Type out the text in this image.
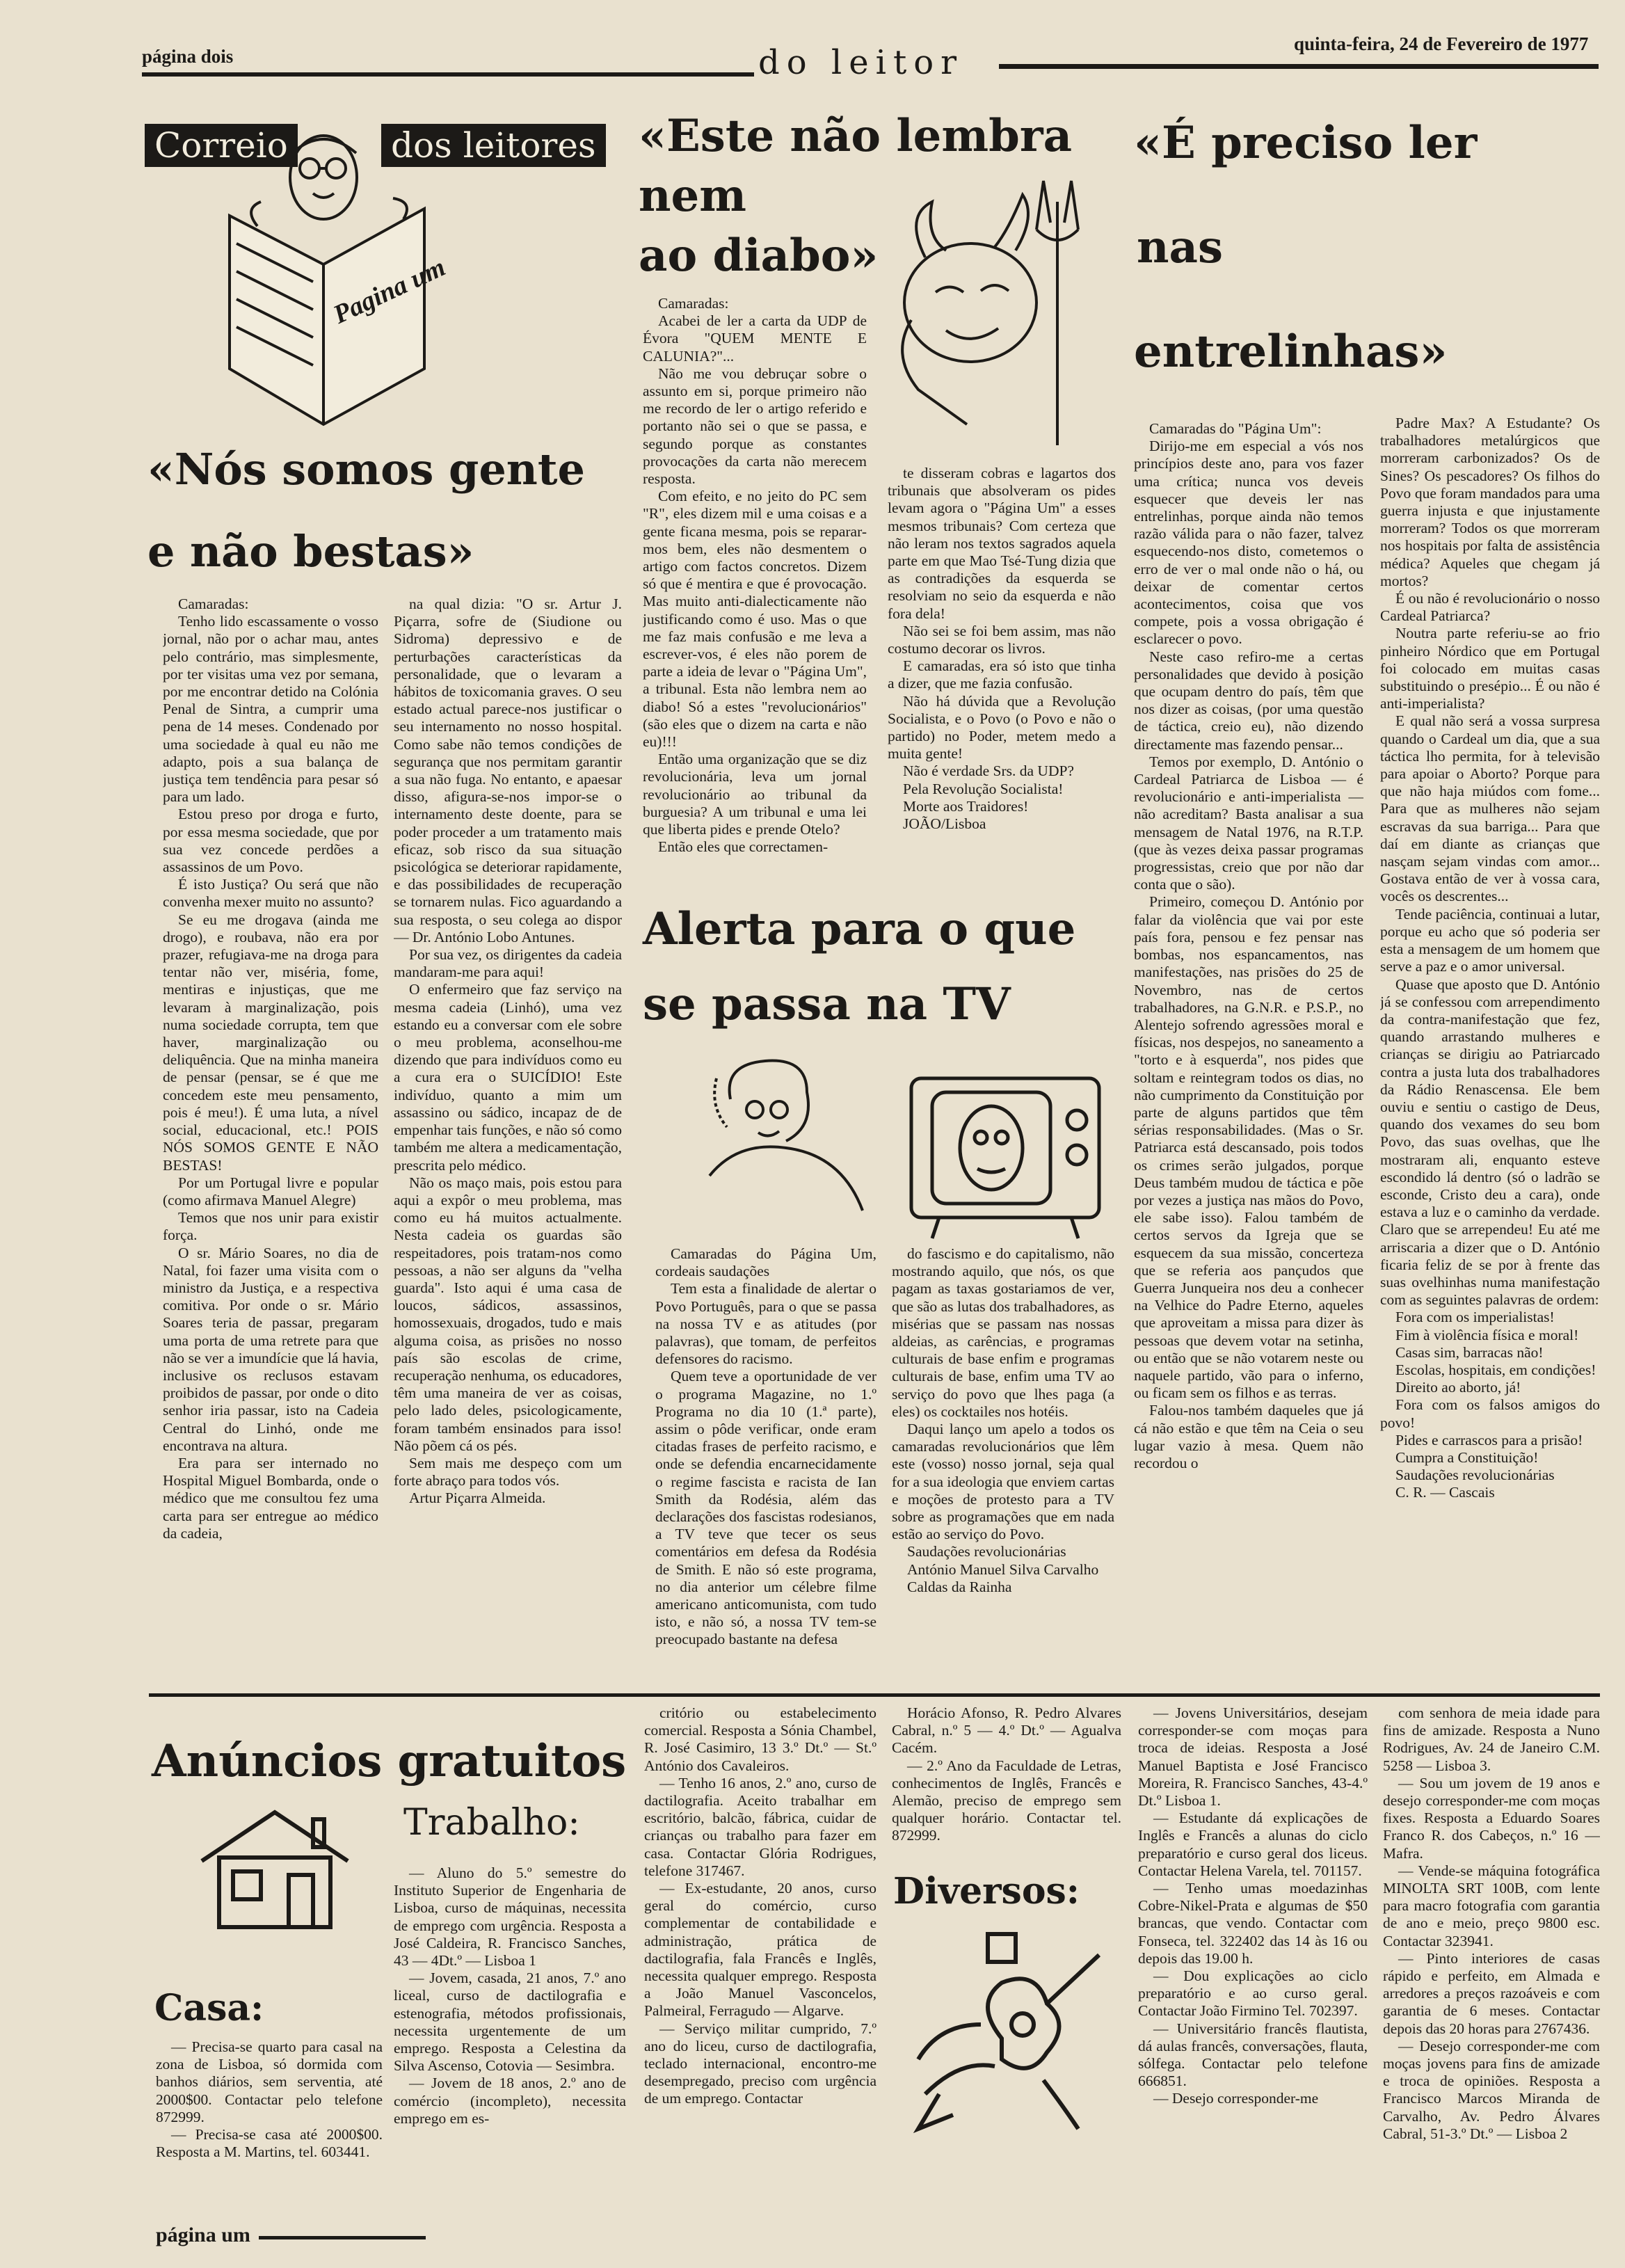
página dois
quinta-feira, 24 de Fevereiro de 1977
do leitor
Correio	dos leitores
Pagina um
«Nós somos gente
e não bestas»

Camaradas:

Tenho lido escassamente o vosso jornal, não por o achar mau, antes pelo contrário, mas simplesmente, por ter visitas uma vez por semana, por me encontrar detido na Colónia Penal de Sintra, a cumprir uma pena de 14 meses. Condenado por uma sociedade à qual eu não me adapto, pois a sua balança de justiça tem tendência para pesar só para um lado.

Estou preso por droga e furto, por essa mesma sociedade, que por sua vez concede perdões a assassinos de um Povo.

É isto Justiça? Ou será que não convenha mexer muito no assunto?

Se eu me drogava (ainda me drogo), e roubava, não era por prazer, refugiava-me na droga para tentar não ver, miséria, fome, mentiras e injustiças, que me levaram à marginalização, pois numa sociedade corrupta, tem que haver, marginalização ou deliquência. Que na minha maneira de pensar (pensar, se é que me concedem este meu pensamento, pois é meu!). É uma luta, a nível social, educacional, etc.! POIS NÓS SOMOS GENTE E NÃO BESTAS!

Por um Portugal livre e popular (como afirmava Manuel Alegre)

Temos que nos unir para existir força.

O sr. Mário Soares, no dia de Natal, foi fazer uma visita com o ministro da Justiça, e a respectiva comitiva. Por onde o sr. Mário Soares teria de passar, pregaram uma porta de uma retrete para que não se ver a imundície que lá havia, inclusive os reclusos estavam proibidos de passar, por onde o dito senhor iria passar, isto na Cadeia Central do Linhó, onde me encontrava na altura.

Era para ser internado no Hospital Miguel Bombarda, onde o médico que me consultou fez uma carta para ser entregue ao médico da cadeia,

na qual dizia: "O sr. Artur J. Piçarra, sofre de (Siudione ou Sidroma) depressivo e de perturbações características da personalidade, que o levaram a hábitos de toxicomania graves. O seu estado actual parece-nos justificar o seu internamento no nosso hospital. Como sabe não temos condições de segurança que nos permitam garantir a sua não fuga. No entanto, e apaesar disso, afigura-se-nos impor-se o internamento deste doente, para se poder proceder a um tratamento mais eficaz, sob risco da sua situação psicológica se deteriorar rapidamente, e das possibilidades de recuperação se tornarem nulas. Fico aguardando a sua resposta, o seu colega ao dispor — Dr. António Lobo Antunes.

Por sua vez, os dirigentes da cadeia mandaram-me para aqui!

O enfermeiro que faz serviço na mesma cadeia (Linhó), uma vez estando eu a conversar com ele sobre o meu problema, aconselhou-me dizendo que para indivíduos como eu a cura era o SUICÍDIO! Este indivíduo, quanto a mim um assassino ou sádico, incapaz de de empenhar tais funções, e não só como também me altera a medicamentação, prescrita pelo médico.

Não os maço mais, pois estou para aqui a expôr o meu problema, mas como eu há muitos actualmente. Nesta cadeia os guardas são respeitadores, pois tratam-nos como pessoas, a não ser alguns da "velha guarda". Isto aqui é uma casa de loucos, sádicos, assassinos, homossexuais, drogados, tudo e mais alguma coisa, as prisões no nosso país são escolas de crime, recuperação nenhuma, os educadores, têm uma maneira de ver as coisas, pelo lado deles, psicologicamente, foram também ensinados para isso! Não põem cá os pés.

Sem mais me despeço com um forte abraço para todos vós.

Artur Piçarra Almeida.

«Este não lembra
nem
ao diabo»

Camaradas:

Acabei de ler a carta da UDP de Évora "QUEM MENTE E CALUNIA?"...

Não me vou debruçar sobre o assunto em si, porque primeiro não me recordo de ler o artigo referido e portanto não sei o que se passa, e segundo porque as constantes provocações da carta não merecem resposta.

Com efeito, e no jeito do PC sem "R", eles dizem mil e uma coisas e a gente ficana mesma, pois se reparar-mos bem, eles não desmentem o artigo com factos concretos. Dizem só que é mentira e que é provocação. Mas muito anti-dialecticamente não justificando como é uso. Mas o que me faz mais confusão e me leva a escrever-vos, é eles não porem de parte a ideia de levar o "Página Um", a tribunal. Esta não lembra nem ao diabo! Só a estes "revolucionários" (são eles que o dizem na carta e não eu)!!!

Então uma organização que se diz revolucionária, leva um jornal revolucionário ao tribunal da burguesia? A um tribunal e uma lei que liberta pides e prende Otelo?

Então eles que correctamen-

te disseram cobras e lagartos dos tribunais que absolveram os pides levam agora o "Página Um" a esses mesmos tribunais? Com certeza que não leram nos textos sagrados aquela parte em que Mao Tsé-Tung dizia que as contradições da esquerda se resolviam no seio da esquerda e não fora dela!

Não sei se foi bem assim, mas não costumo decorar os livros.

E camaradas, era só isto que tinha a dizer, que me fazia confusão.

Não há dúvida que a Revolução Socialista, e o Povo (o Povo e não o partido) no Poder, metem medo a muita gente!

Não é verdade Srs. da UDP?

Pela Revolução Socialista!

Morte aos Traidores!

JOÃO/Lisboa

Alerta para o que
se passa na TV

Camaradas do Página Um, cordeais saudações

Tem esta a finalidade de alertar o Povo Português, para o que se passa na nossa TV e as atitudes (por palavras), que tomam, de perfeitos defensores do racismo.

Quem teve a oportunidade de ver o programa Magazine, no 1.º Programa no dia 10 (1.ª parte), assim o pôde verificar, onde eram citadas frases de perfeito racismo, e onde se defendia encarnecidamente o regime fascista e racista de Ian Smith da Rodésia, além das declarações dos fascistas rodesianos, a TV teve que tecer os seus comentários em defesa da Rodésia de Smith. E não só este programa, no dia anterior um célebre filme americano anticomunista, com tudo isto, e não só, a nossa TV tem-se preocupado bastante na defesa

do fascismo e do capitalismo, não mostrando aquilo, que nós, os que pagam as taxas gostariamos de ver, que são as lutas dos trabalhadores, as misérias que se passam nas nossas aldeias, as carências, e programas culturais de base enfim e programas culturais de base, enfim uma TV ao serviço do povo que lhes paga (a eles) os cocktailes nos hotéis.

Daqui lanço um apelo a todos os camaradas revolucionários que lêm este (vosso) nosso jornal, seja qual for a sua ideologia que enviem cartas e moções de protesto para a TV sobre as programações que em nada estão ao serviço do Povo.

Saudações revolucionárias

António Manuel Silva Carvalho

Caldas da Rainha

«É preciso ler
nas
entrelinhas»

Camaradas do "Página Um":

Dirijo-me em especial a vós nos princípios deste ano, para vos fazer uma crítica; nunca vos deveis esquecer que deveis ler nas entrelinhas, porque ainda não temos razão válida para o não fazer, talvez esquecendo-nos disto, cometemos o erro de ver o mal onde não o há, ou deixar de comentar certos acontecimentos, coisa que vos compete, pois a vossa obrigação é esclarecer o povo.

Neste caso refiro-me a certas personalidades que devido à posição que ocupam dentro do país, têm que nos dizer as coisas, (por uma questão de táctica, creio eu), não dizendo directamente mas fazendo pensar...

Temos por exemplo, D. António o Cardeal Patriarca de Lisboa — é revolucionário e anti-imperialista — não acreditam? Basta analisar a sua mensagem de Natal 1976, na R.T.P. (que às vezes deixa passar programas progressistas, creio que por não dar conta que o são).

Primeiro, começou D. António por falar da violência que vai por este país fora, pensou e fez pensar nas bombas, nos espancamentos, nas manifestações, nas prisões do 25 de Novembro, nas de certos trabalhadores, na G.N.R. e P.S.P., no Alentejo sofrendo agressões moral e físicas, nos despejos, no saneamento a "torto e à esquerda", nos pides que soltam e reintegram todos os dias, no não cumprimento da Constituição por parte de alguns partidos que têm sérias responsabilidades. (Mas o Sr. Patriarca está descansado, pois todos os crimes serão julgados, porque Deus também mudou de táctica e põe por vezes a justiça nas mãos do Povo, ele sabe isso). Falou também de certos servos da Igreja que se esquecem da sua missão, concerteza que se referia aos pançudos que Guerra Junqueira nos deu a conhecer na Velhice do Padre Eterno, aqueles que aproveitam a missa para dizer às pessoas que devem votar na setinha, ou então que se não votarem neste ou naquele partido, vão para o inferno, ou ficam sem os filhos e as terras.

Falou-nos também daqueles que já cá não estão e que têm na Ceia o seu lugar vazio à mesa. Quem não recordou o

Padre Max? A Estudante? Os trabalhadores metalúrgicos que morreram carbonizados? Os de Sines? Os pescadores? Os filhos do Povo que foram mandados para uma guerra injusta e que injustamente morreram? Todos os que morreram nos hospitais por falta de assistência médica? Aqueles que chegam já mortos?

É ou não é revolucionário o nosso Cardeal Patriarca?

Noutra parte referiu-se ao frio pinheiro Nórdico que em Portugal foi colocado em muitas casas substituindo o presépio... É ou não é anti-imperialista?

E qual não será a vossa surpresa quando o Cardeal um dia, que a sua táctica lho permita, for à televisão para apoiar o Aborto? Porque para que não haja miúdos com fome... Para que as mulheres não sejam escravas da sua barriga... Para que daí em diante as crianças que nasçam sejam vindas com amor... Gostava então de ver à vossa cara, vocês os descrentes...

Tende paciência, continuai a lutar, porque eu acho que só poderia ser esta a mensagem de um homem que serve a paz e o amor universal.

Quase que aposto que D. António já se confessou com arrependimento da contra-manifestação que fez, quando arrastando mulheres e crianças se dirigiu ao Patriarcado contra a justa luta dos trabalhadores da Rádio Renascensa. Ele bem ouviu e sentiu o castigo de Deus, quando dos vexames do seu bom Povo, das suas ovelhas, que lhe mostraram ali, enquanto esteve escondido lá dentro (só o ladrão se esconde, Cristo deu a cara), onde estava a luz e o caminho da verdade. Claro que se arrependeu! Eu até me arriscaria a dizer que o D. António ficaria feliz de se por à frente das suas ovelhinhas numa manifestação com as seguintes palavras de ordem:

Fora com os imperialistas!

Fim à violência física e moral!

Casas sim, barracas não!

Escolas, hospitais, em condições!

Direito ao aborto, já!

Fora com os falsos amigos do povo!

Pides e carrascos para a prisão!

Cumpra a Constituição!

Saudações revolucionárias

C. R. — Cascais

Anúncios gratuitos
Trabalho:
Casa:

— Precisa-se quarto para casal na zona de Lisboa, só dormida com banhos diários, sem serventia, até 2000$00. Contactar pelo telefone 872999.

— Precisa-se casa até 2000$00. Resposta a M. Martins, tel. 603441.

— Aluno do 5.º semestre do Instituto Superior de Engenharia de Lisboa, curso de máquinas, necessita de emprego com urgência. Resposta a José Caldeira, R. Francisco Sanches, 43 — 4Dt.º — Lisboa 1

— Jovem, casada, 21 anos, 7.º ano liceal, curso de dactilografia e estenografia, métodos profissionais, necessita urgentemente de um emprego. Resposta a Celestina da Silva Ascenso, Cotovia — Sesimbra.

— Jovem de 18 anos, 2.º ano de comércio (incompleto), necessita emprego em es-

critório ou estabelecimento comercial. Resposta a Sónia Chambel, R. José Casimiro, 13 3.º Dt.º — St.º António dos Cavaleiros.

— Tenho 16 anos, 2.º ano, curso de dactilografia. Aceito trabalhar em escritório, balcão, fábrica, cuidar de crianças ou trabalho para fazer em casa. Contactar Glória Rodrigues, telefone 317467.

— Ex-estudante, 20 anos, curso geral do comércio, curso complementar de contabilidade e administração, prática de dactilografia, fala Francês e Inglês, necessita qualquer emprego. Resposta a João Manuel Vasconcelos, Palmeiral, Ferragudo — Algarve.

— Serviço militar cumprido, 7.º ano do liceu, curso de dactilografia, teclado internacional, encontro-me desempregado, preciso com urgência de um emprego. Contactar

Horácio Afonso, R. Pedro Alvares Cabral, n.º 5 — 4.º Dt.º — Agualva Cacém.

— 2.º Ano da Faculdade de Letras, conhecimentos de Inglês, Francês e Alemão, preciso de emprego sem qualquer horário. Contactar tel. 872999.

Diversos:

— Jovens Universitários, desejam corresponder-se com moças para troca de ideias. Resposta a José Manuel Baptista e José Francisco Moreira, R. Francisco Sanches, 43-4.º Dt.º Lisboa 1.

— Estudante dá explicações de Inglês e Francês a alunas do ciclo preparatório e curso geral dos liceus. Contactar Helena Varela, tel. 701157.

— Tenho umas moedazinhas Cobre-Nikel-Prata e algumas de $50 brancas, que vendo. Contactar com Fonseca, tel. 322402 das 14 às 16 ou depois das 19.00 h.

— Dou explicações ao ciclo preparatório e ao curso geral. Contactar João Firmino Tel. 702397.

— Universitário francês flautista, dá aulas francês, conversações, flauta, sólfega. Contactar pelo telefone 666851.

— Desejo corresponder-me

com senhora de meia idade para fins de amizade. Resposta a Nuno Rodrigues, Av. 24 de Janeiro C.M. 5258 — Lisboa 3.

— Sou um jovem de 19 anos e desejo corresponder-me com moças fixes. Resposta a Eduardo Soares Franco R. dos Cabeços, n.º 16 — Mafra.

— Vende-se máquina fotográfica MINOLTA SRT 100B, com lente para macro fotografia com garantia de ano e meio, preço 9800 esc. Contactar 323941.

— Pinto interiores de casas rápido e perfeito, em Almada e arredores a preços razoáveis e com garantia de 6 meses. Contactar depois das 20 horas para 2767436.

— Desejo corresponder-me com moças jovens para fins de amizade e troca de opiniões. Resposta a Francisco Marcos Miranda de Carvalho, Av. Pedro Álvares Cabral, 51-3.º Dt.º — Lisboa 2

página um
